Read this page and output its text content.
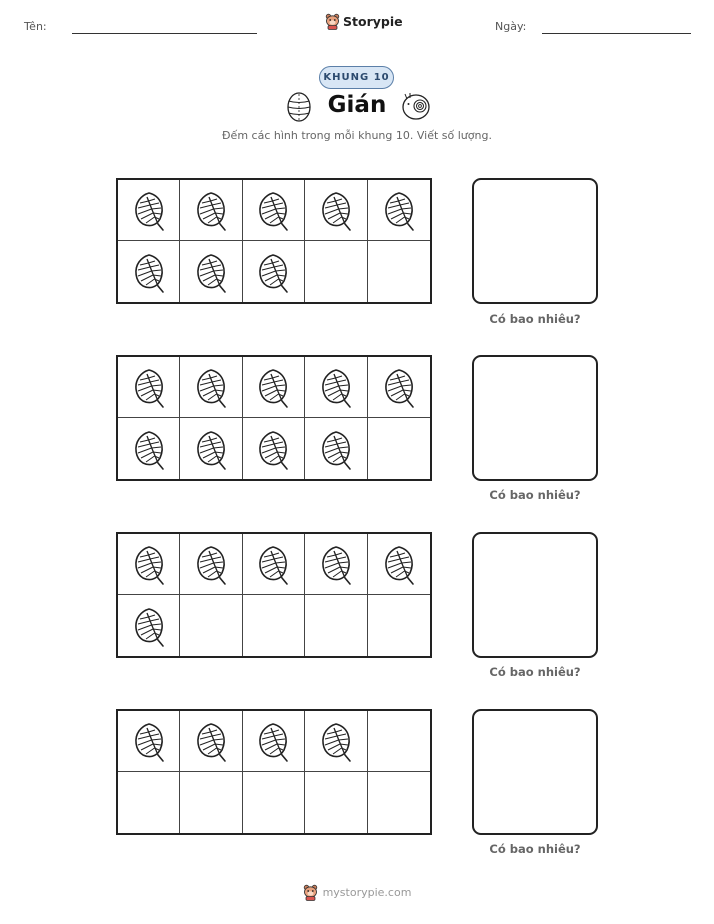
Tên:	Storypie	Ngày:
KHUNG 10
Gián
Đếm các hình trong mỗi khung 10. Viết số lượng.
Có bao nhiêu?
Có bao nhiêu?
Có bao nhiêu?
Có bao nhiêu?
mystorypie.com
